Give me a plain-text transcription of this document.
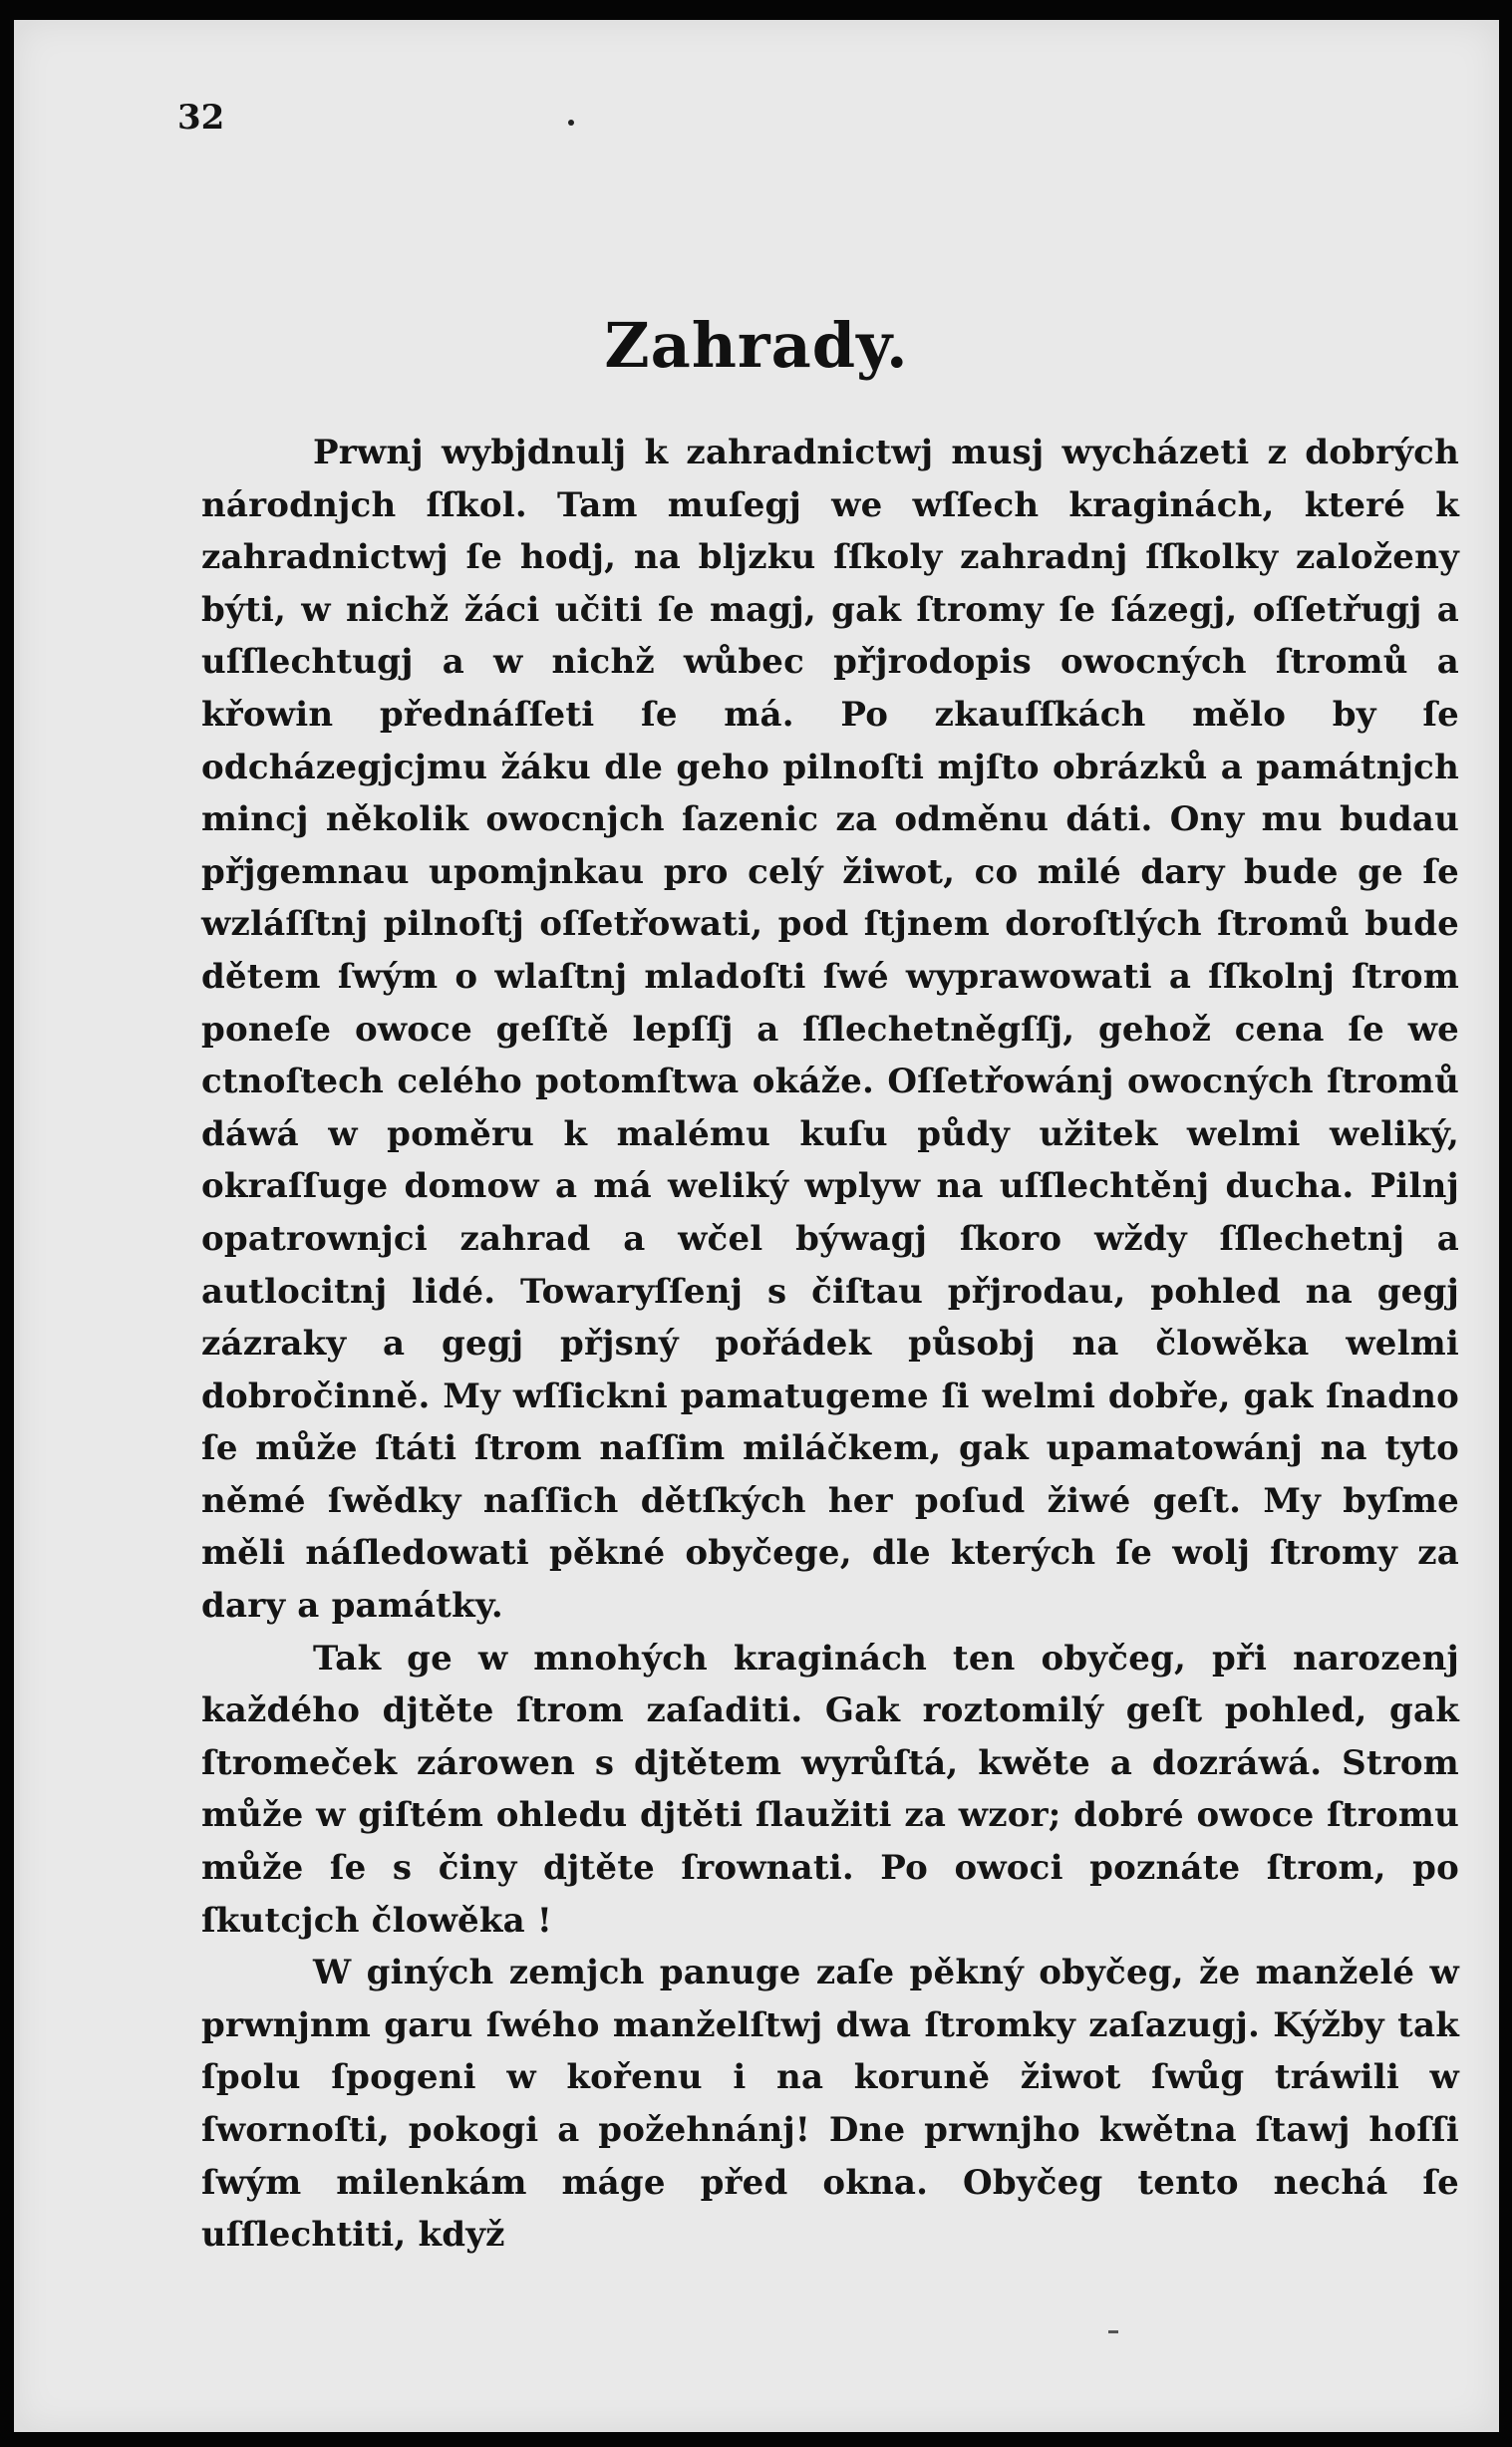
32
Zahrady.

Prwnj wybjdnulj k zahradnictwj musj wycházeti z dobrých národnjch ſſkol. Tam muſegj we wſſech kraginách, které k zahradnictwj ſe hodj, na bljzku ſſkoly zahradnj ſſkolky založeny býti, w nichž žáci učiti ſe magj, gak ſtromy ſe ſázegj, oſſetřugj a uſſlechtugj a w nichž wůbec přjrodopis owocných ſtromů a křowin přednáſſeti ſe má. Po zkauſſkách mělo by ſe odcházegjcjmu žáku dle geho pilnoſti mjſto obrázků a památnjch mincj několik owocnjch ſazenic za odměnu dáti. Ony mu budau přjgemnau upomjnkau pro celý žiwot, co milé dary bude ge ſe wzláſſtnj pilnoſtj oſſetřowati, pod ſtjnem doroſtlých ſtromů bude dětem ſwým o wlaſtnj mladoſti ſwé wyprawowati a ſſkolnj ſtrom poneſe owoce geſſtě lepſſj a ſſlechetněgſſj, gehož cena ſe we ctnoſtech celého potomſtwa okáže. Oſſetřowánj owocných ſtromů dáwá w poměru k malému kuſu půdy užitek welmi weliký, okraſſuge domow a má weliký wplyw na uſſlechtěnj ducha. Pilnj opatrownjci zahrad a wčel býwagj ſkoro wždy ſſlechetnj a autlocitnj lidé. Towaryſſenj s čiſtau přjrodau, pohled na gegj zázraky a gegj přjsný pořádek působj na člowěka welmi dobročinně. My wſſickni pamatugeme ſi welmi dobře, gak ſnadno ſe může ſtáti ſtrom naſſim miláčkem, gak upamatowánj na tyto němé ſwědky naſſich dětſkých her poſud žiwé geſt. My byſme měli náſledowati pěkné obyčege, dle kterých ſe wolj ſtromy za dary a památky.

Tak ge w mnohých kraginách ten obyčeg, při narozenj každého djtěte ſtrom zaſaditi. Gak roztomilý geſt pohled, gak ſtromeček zárowen s djtětem wyrůſtá, kwěte a dozráwá. Strom může w giſtém ohledu djtěti ſlaužiti za wzor; dobré owoce ſtromu může ſe s činy djtěte ſrownati. Po owoci poznáte ſtrom, po ſkutcjch člowěka !

W giných zemjch panuge zaſe pěkný obyčeg, že manželé w prwnjnm garu ſwého manželſtwj dwa ſtromky zaſazugj. Kýžby tak ſpolu ſpogeni w kořenu i na koruně žiwot ſwůg tráwili w ſwornoſti, pokogi a požehnánj! Dne prwnjho kwětna ſtawj hoſſi ſwým milenkám máge před okna. Obyčeg tento nechá ſe uſſlechtiti, když
